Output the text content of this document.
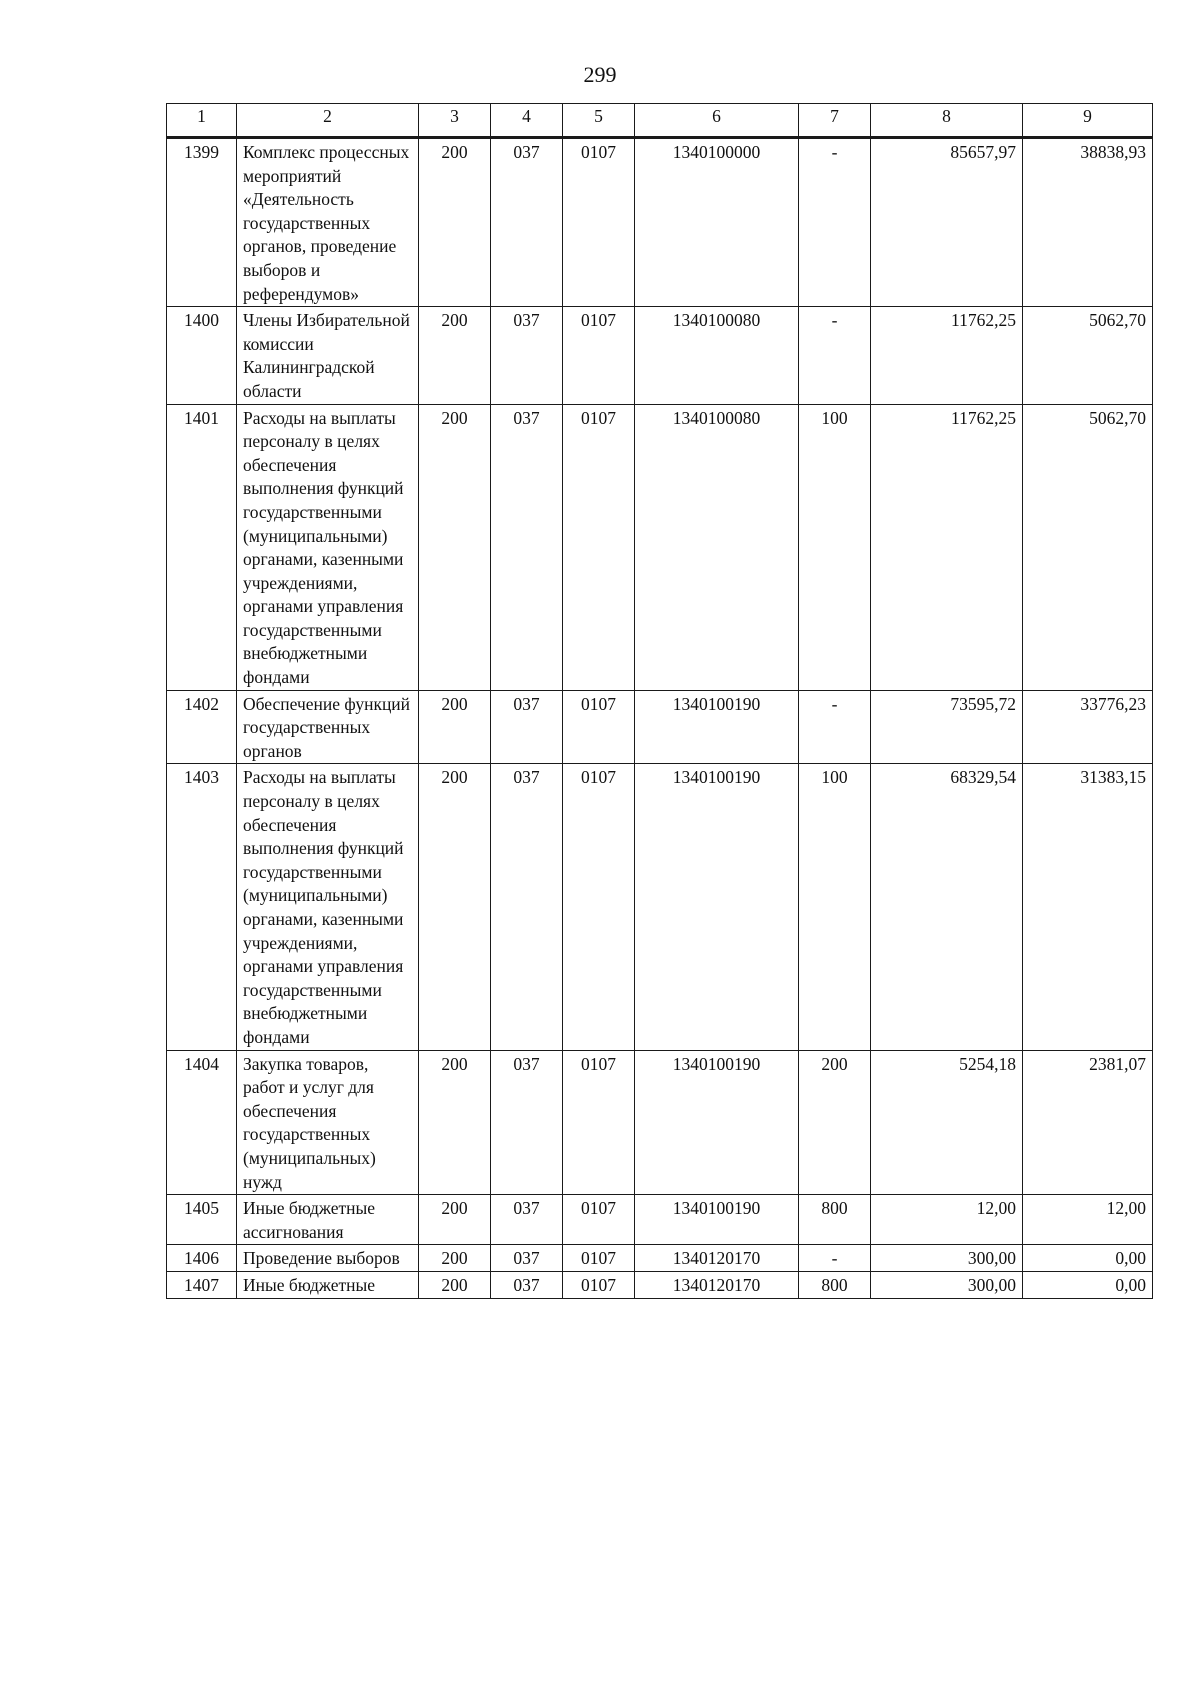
299
1	2	3	4	5	6	7	8	9
1399	Комплекс процессных мероприятий «Деятельность государственных органов, проведение выборов и референдумов»	200	037	0107	1340100000	-	85657,97	38838,93
1400	Члены Избирательной комиссии Калининградской области	200	037	0107	1340100080	-	11762,25	5062,70
1401	Расходы на выплаты персоналу в целях обеспечения выполнения функций государственными (муниципальными) органами, казенными учреждениями, органами управления государственными внебюджетными фондами	200	037	0107	1340100080	100	11762,25	5062,70
1402	Обеспечение функций государственных органов	200	037	0107	1340100190	-	73595,72	33776,23
1403	Расходы на выплаты персоналу в целях обеспечения выполнения функций государственными (муниципальными) органами, казенными учреждениями, органами управления государственными внебюджетными фондами	200	037	0107	1340100190	100	68329,54	31383,15
1404	Закупка товаров, работ и услуг для обеспечения государственных (муниципальных) нужд	200	037	0107	1340100190	200	5254,18	2381,07
1405	Иные бюджетные ассигнования	200	037	0107	1340100190	800	12,00	12,00
1406	Проведение выборов	200	037	0107	1340120170	-	300,00	0,00
1407	Иные бюджетные	200	037	0107	1340120170	800	300,00	0,00
